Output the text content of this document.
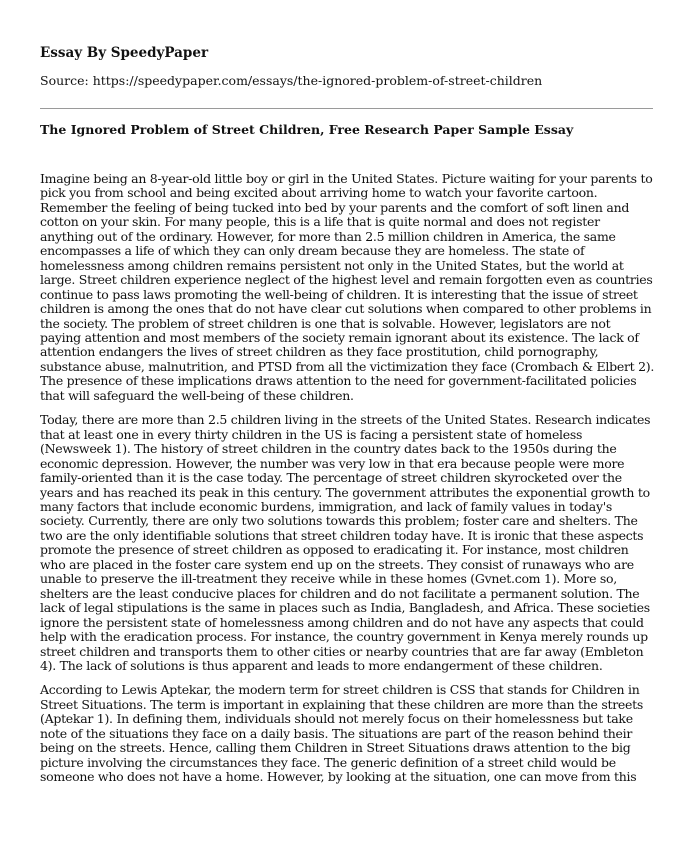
Essay By SpeedyPaper
Source: https://speedypaper.com/essays/the-ignored-problem-of-street-children
The Ignored Problem of Street Children, Free Research Paper Sample Essay
Imagine being an 8-year-old little boy or girl in the United States. Picture waiting for your parents to
pick you from school and being excited about arriving home to watch your favorite cartoon.
Remember the feeling of being tucked into bed by your parents and the comfort of soft linen and
cotton on your skin. For many people, this is a life that is quite normal and does not register
anything out of the ordinary. However, for more than 2.5 million children in America, the same
encompasses a life of which they can only dream because they are homeless. The state of
homelessness among children remains persistent not only in the United States, but the world at
large. Street children experience neglect of the highest level and remain forgotten even as countries
continue to pass laws promoting the well-being of children. It is interesting that the issue of street
children is among the ones that do not have clear cut solutions when compared to other problems in
the society. The problem of street children is one that is solvable. However, legislators are not
paying attention and most members of the society remain ignorant about its existence. The lack of
attention endangers the lives of street children as they face prostitution, child pornography,
substance abuse, malnutrition, and PTSD from all the victimization they face (Crombach & Elbert 2).
The presence of these implications draws attention to the need for government-facilitated policies
that will safeguard the well-being of these children.
Today, there are more than 2.5 children living in the streets of the United States. Research indicates
that at least one in every thirty children in the US is facing a persistent state of homeless
(Newsweek 1). The history of street children in the country dates back to the 1950s during the
economic depression. However, the number was very low in that era because people were more
family-oriented than it is the case today. The percentage of street children skyrocketed over the
years and has reached its peak in this century. The government attributes the exponential growth to
many factors that include economic burdens, immigration, and lack of family values in today's
society. Currently, there are only two solutions towards this problem; foster care and shelters. The
two are the only identifiable solutions that street children today have. It is ironic that these aspects
promote the presence of street children as opposed to eradicating it. For instance, most children
who are placed in the foster care system end up on the streets. They consist of runaways who are
unable to preserve the ill-treatment they receive while in these homes (Gvnet.com 1). More so,
shelters are the least conducive places for children and do not facilitate a permanent solution. The
lack of legal stipulations is the same in places such as India, Bangladesh, and Africa. These societies
ignore the persistent state of homelessness among children and do not have any aspects that could
help with the eradication process. For instance, the country government in Kenya merely rounds up
street children and transports them to other cities or nearby countries that are far away (Embleton
4). The lack of solutions is thus apparent and leads to more endangerment of these children.
According to Lewis Aptekar, the modern term for street children is CSS that stands for Children in
Street Situations. The term is important in explaining that these children are more than the streets
(Aptekar 1). In defining them, individuals should not merely focus on their homelessness but take
note of the situations they face on a daily basis. The situations are part of the reason behind their
being on the streets. Hence, calling them Children in Street Situations draws attention to the big
picture involving the circumstances they face. The generic definition of a street child would be
someone who does not have a home. However, by looking at the situation, one can move from this
